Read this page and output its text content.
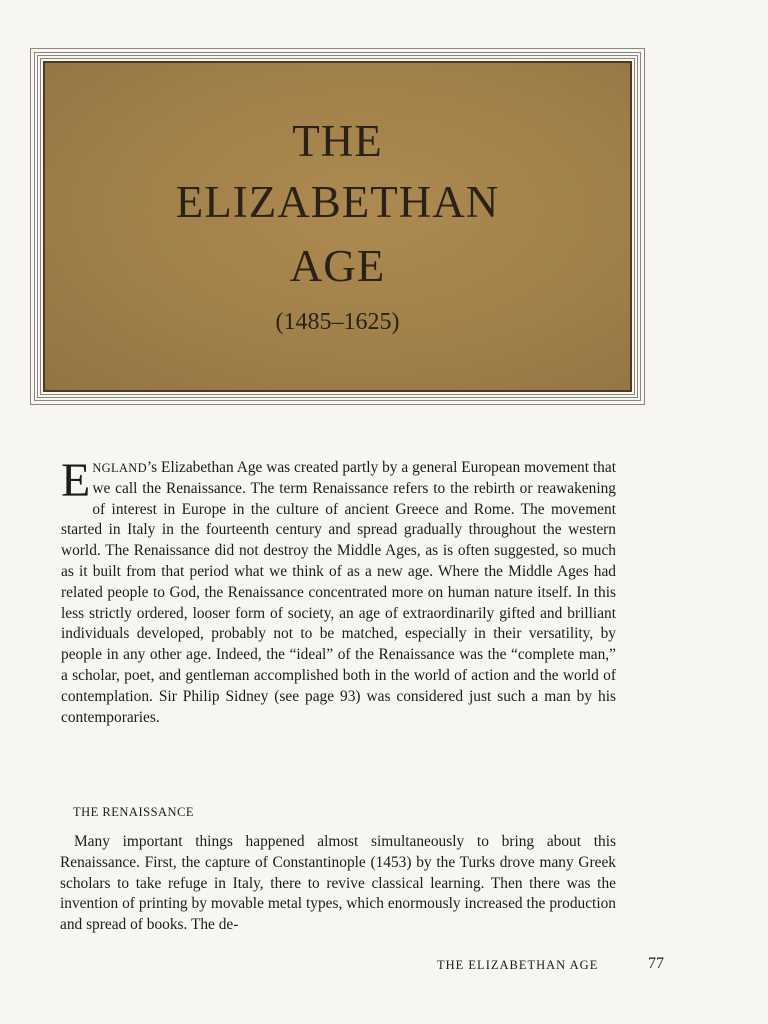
THE
ELIZABETHAN
AGE
(1485–1625)
ENGLAND’s Elizabethan Age was created partly by a general European movement that we call the Renaissance. The term Renaissance refers to the rebirth or reawakening of interest in Europe in the culture of ancient Greece and Rome. The movement started in Italy in the fourteenth century and spread gradually throughout the western world. The Renaissance did not destroy the Middle Ages, as is often suggested, so much as it built from that period what we think of as a new age. Where the Middle Ages had related people to God, the Renaissance concentrated more on human nature itself. In this less strictly ordered, looser form of society, an age of extraordinarily gifted and brilliant individuals developed, probably not to be matched, especially in their versatility, by people in any other age. Indeed, the “ideal” of the Renaissance was the “complete man,” a scholar, poet, and gentleman accomplished both in the world of action and the world of contemplation. Sir Philip Sidney (see page 93) was considered just such a man by his contemporaries.
THE RENAISSANCE

Many important things happened almost simultaneously to bring about this Renaissance. First, the capture of Constantinople (1453) by the Turks drove many Greek scholars to take refuge in Italy, there to revive classical learning. Then there was the invention of printing by movable metal types, which enormously increased the production and spread of books. The de-

THE ELIZABETHAN AGE	77
